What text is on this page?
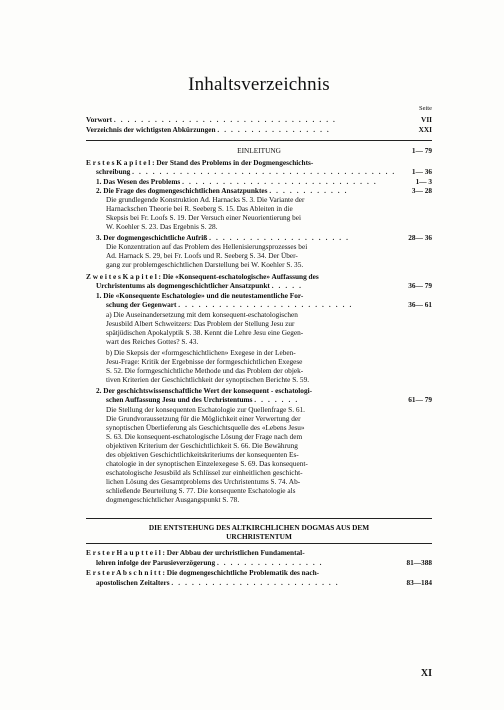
Inhaltsverzeichnis
Seite
Vorwort . . . . . . . . . . . . . . . . . . . . . . . . . . . . . . . . .	VII
Verzeichnis der wichtigsten Abkürzungen . . . . . . . . . . . . . . . . .	XXI
EINLEITUNG	1— 79
E r s t e s K a p i t e l : Der Stand des Problems in der Dogmengeschichts-
schreibung . . . . . . . . . . . . . . . . . . . . . . . . . . . . . . . . . . . . . . . 1— 36
1. Das Wesen des Problems . . . . . . . . . . . . . . . . . . . . . . . . . . . . .	1— 3
2. Die Frage des dogmengeschichtlichen Ansatzpunktes . . . . . . . . . . . .	3— 28
Die grundlegende Konstruktion Ad. Harnacks S. 3. Die Variante der
Harnackschen Theorie bei R. Seeberg S. 15. Das Ableiten in die
Skepsis bei Fr. Loofs S. 19. Der Versuch einer Neuorientierung bei
W. Koehler S. 23. Das Ergebnis S. 28.
3. Der dogmengeschichtliche Aufriß . . . . . . . . . . . . . . . . . . . . .	28— 36
Die Konzentration auf das Problem des Hellenisierungsprozesses bei
Ad. Harnack S. 29, bei Fr. Loofs und R. Seeberg S. 34. Der Über-
gang zur problemgeschichtlichen Darstellung bei W. Koehler S. 35.
Z w e i t e s K a p i t e l : Die «Konsequent-eschatologische» Auffassung des
Urchristentums als dogmengeschichtlicher Ansatzpunkt . . . . .	36— 79
1. Die «Konsequente Eschatologie» und die neutestamentliche For-
schung der Gegenwart . . . . . . . . . . . . . . . . . . . . . . . . . .	36— 61
a) Die Auseinandersetzung mit dem konsequent-eschatologischen
Jesusbild Albert Schweitzers: Das Problem der Stellung Jesu zur
spätjüdischen Apokalyptik S. 38. Kennt die Lehre Jesu eine Gegen-
wart des Reiches Gottes? S. 43.
b) Die Skepsis der «formgeschichtlichen» Exegese in der Leben-
Jesu-Frage: Kritik der Ergebnisse der formgeschichtlichen Exegese
S. 52. Die formgeschichtliche Methode und das Problem der objek-
tiven Kriterien der Geschichtlichkeit der synoptischen Berichte S. 59.
2. Der geschichtswissenschaftliche Wert der konsequent - eschatologi-
schen Auffassung Jesu und des Urchristentums . . . . . . .	61— 79
Die Stellung der konsequenten Eschatologie zur Quellenfrage S. 61.
Die Grundvoraussetzung für die Möglichkeit einer Verwertung der
synoptischen Überlieferung als Geschichtsquelle des «Lebens Jesu»
S. 63. Die konsequent-eschatologische Lösung der Frage nach dem
objektiven Kriterium der Geschichtlichkeit S. 66. Die Bewährung
des objektiven Geschichtlichkeitskriteriums der konsequenten Es-
chatologie in der synoptischen Einzelexegese S. 69. Das konsequent-
eschatologische Jesusbild als Schlüssel zur einheitlichen geschicht-
lichen Lösung des Gesamtproblems des Urchristentums S. 74. Ab-
schließende Beurteilung S. 77. Die konsequente Eschatologie als
dogmengeschichtlicher Ausgangspunkt S. 78.
DIE ENTSTEHUNG DES ALTKIRCHLICHEN DOGMAS AUS DEM
URCHRISTENTUM
E r s t e r H a u p t t e i l : Der Abbau der urchristlichen Fundamental-
lehren infolge der Parusieverzögerung . . . . . . . . . . . . . . . .	81—388
E r s t e r A b s c h n i t t : Die dogmengeschichtliche Problematik des nach-
apostolischen Zeitalters . . . . . . . . . . . . . . . . . . . . . . . . .	83—184
XI
